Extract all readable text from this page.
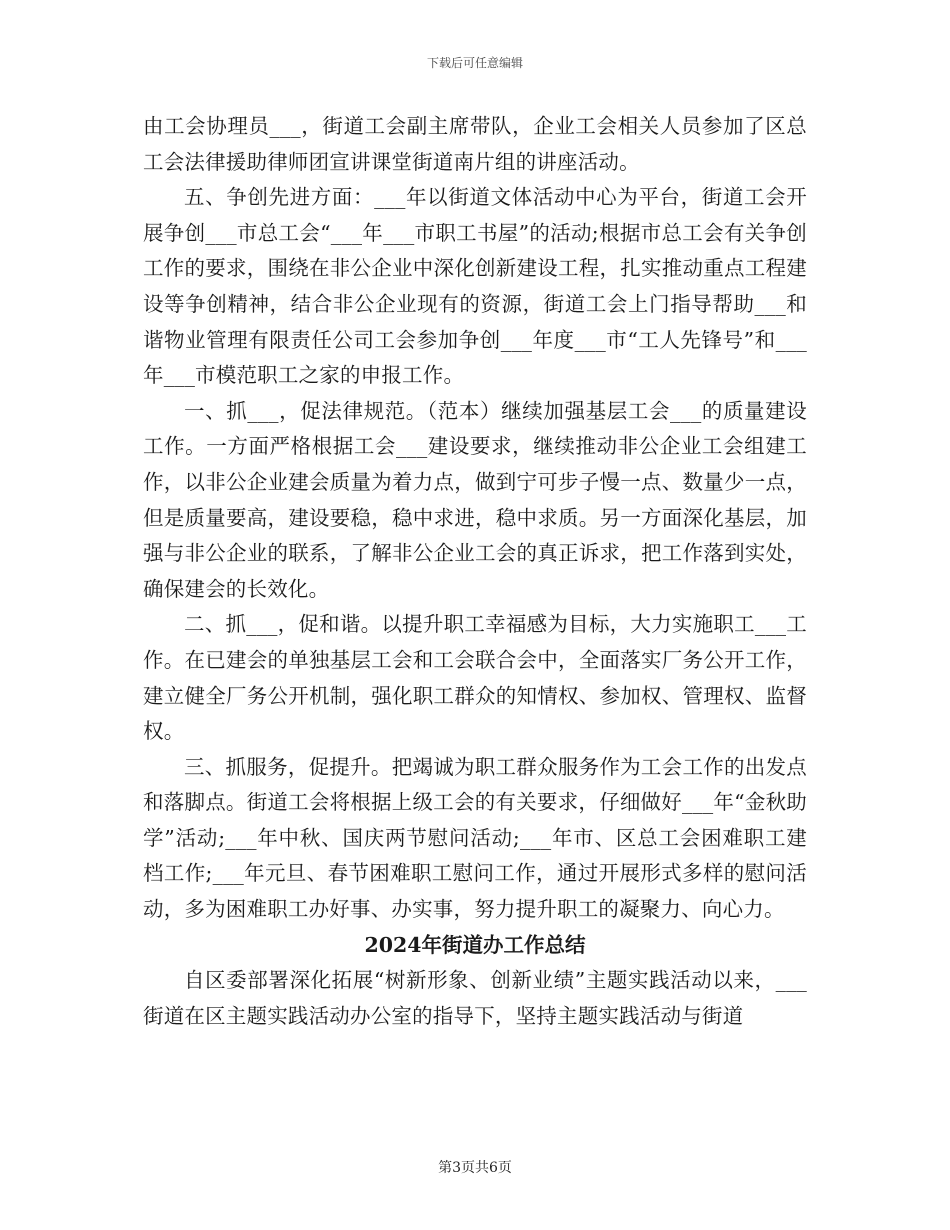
下载后可任意编辑

由工会协理员___，街道工会副主席带队，企业工会相关人员参加了区总工会法律援助律师团宣讲课堂街道南片组的讲座活动。

五、争创先进方面：___年以街道文体活动中心为平台，街道工会开展争创___市总工会“___年___市职工书屋”的活动;根据市总工会有关争创工作的要求，围绕在非公企业中深化创新建设工程，扎实推动重点工程建设等争创精神，结合非公企业现有的资源，街道工会上门指导帮助___和谐物业管理有限责任公司工会参加争创___年度___市“工人先锋号”和___年___市模范职工之家的申报工作。

一、抓___，促法律规范。（范本）继续加强基层工会___的质量建设工作。一方面严格根据工会___建设要求，继续推动非公企业工会组建工作，以非公企业建会质量为着力点，做到宁可步子慢一点、数量少一点，但是质量要高，建设要稳，稳中求进，稳中求质。另一方面深化基层，加强与非公企业的联系，了解非公企业工会的真正诉求，把工作落到实处，确保建会的长效化。

二、抓___，促和谐。以提升职工幸福感为目标，大力实施职工___工作。在已建会的单独基层工会和工会联合会中，全面落实厂务公开工作，建立健全厂务公开机制，强化职工群众的知情权、参加权、管理权、监督权。

三、抓服务，促提升。把竭诚为职工群众服务作为工会工作的出发点和落脚点。街道工会将根据上级工会的有关要求，仔细做好___年“金秋助学”活动;___年中秋、国庆两节慰问活动;___年市、区总工会困难职工建档工作;___年元旦、春节困难职工慰问工作，通过开展形式多样的慰问活动，多为困难职工办好事、办实事，努力提升职工的凝聚力、向心力。

2024年街道办工作总结

自区委部署深化拓展“树新形象、创新业绩”主题实践活动以来，___街道在区主题实践活动办公室的指导下，坚持主题实践活动与街道

第3页共6页
